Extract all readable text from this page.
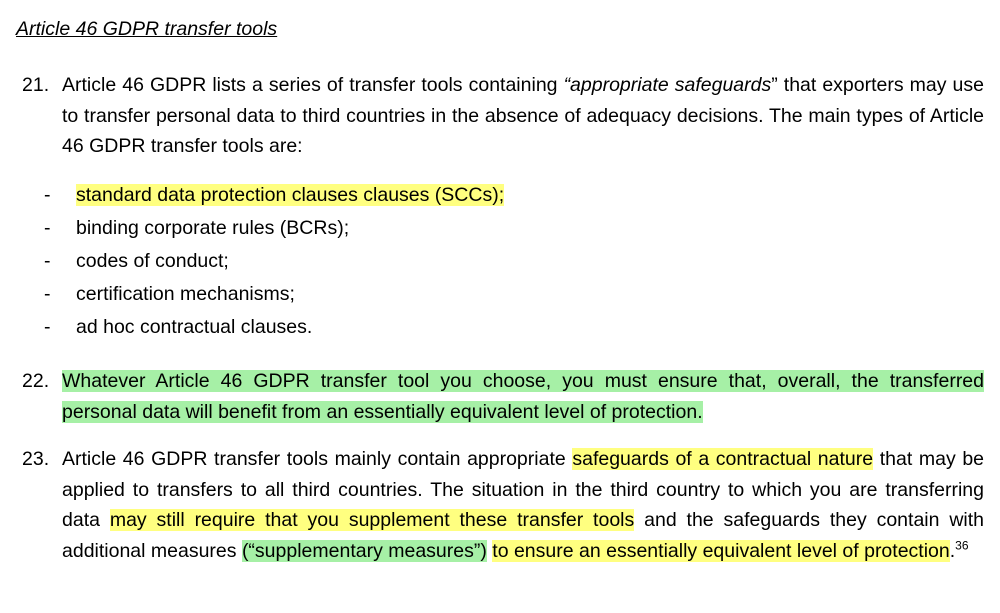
Article 46 GDPR transfer tools
21. Article 46 GDPR lists a series of transfer tools containing “appropriate safeguards” that exporters may use to transfer personal data to third countries in the absence of adequacy decisions. The main types of Article 46 GDPR transfer tools are:
- standard data protection clauses clauses (SCCs);
- binding corporate rules (BCRs);
- codes of conduct;
- certification mechanisms;
- ad hoc contractual clauses.
22. Whatever Article 46 GDPR transfer tool you choose, you must ensure that, overall, the transferred personal data will benefit from an essentially equivalent level of protection.
23. Article 46 GDPR transfer tools mainly contain appropriate safeguards of a contractual nature that may be applied to transfers to all third countries. The situation in the third country to which you are transferring data may still require that you supplement these transfer tools and the safeguards they contain with additional measures (“supplementary measures”) to ensure an essentially equivalent level of protection.$^{36}$
